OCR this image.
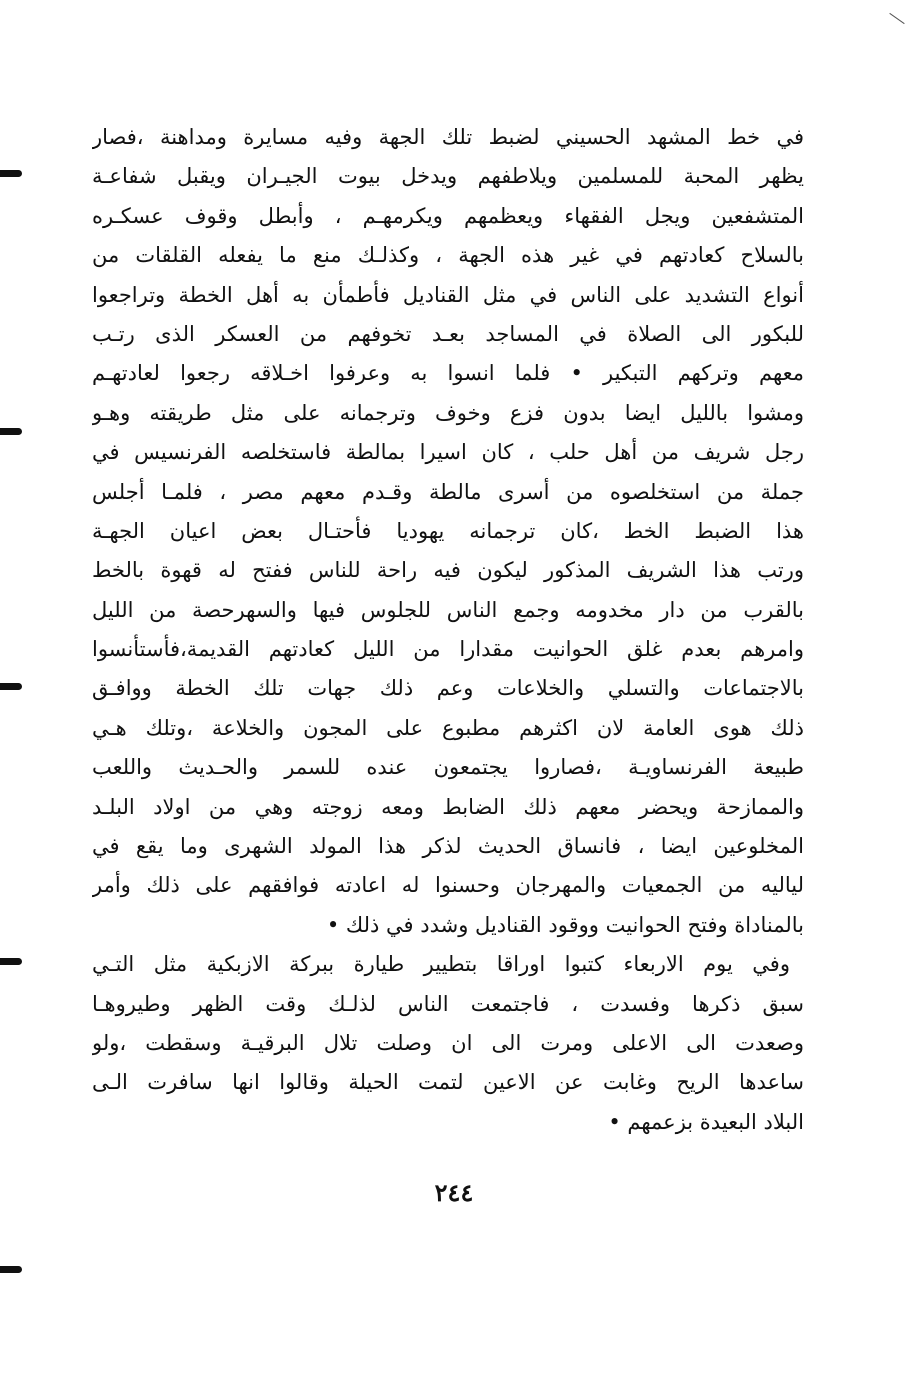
في خط المشهد الحسيني لضبط تلك الجهة وفيه مسايرة ومداهنة ،فصار
يظهر المحبة للمسلمين ويلاطفهم ويدخل بيوت الجيـران ويقبل شفاعـة
المتشفعين ويجل الفقهاء ويعظمهم ويكرمهـم ، وأبطل وقوف عسكـره
بالسلاح كعادتهم في غير هذه الجهة ، وكذلـك منع ما يفعله القلقات من
أنواع التشديد على الناس في مثل القناديل فأطمأن به أهل الخطة وتراجعوا
للبكور الى الصلاة في المساجد بعـد تخوفهم من العسكر الذى رتـب
معهم وتركهم التبكير • فلما انسوا به وعرفوا اخـلاقه رجعوا لعادتهـم
ومشوا بالليل ايضا بدون فزع وخوف وترجمانه على مثل طريقته وهـو
رجل شريف من أهل حلب ، كان اسيرا بمالطة فاستخلصه الفرنسيس في
جملة من استخلصوه من أسرى مالطة وقـدم معهم مصر ، فلمـا أجلس
هذا الضبط الخط ،كان ترجمانه يهوديا فأحتـال بعض اعيان الجهـة
ورتب هذا الشريف المذكور ليكون فيه راحة للناس ففتح له قهوة بالخط
بالقرب من دار مخدومه وجمع الناس للجلوس فيها والسهرحصة من الليل
وامرهم بعدم غلق الحوانيت مقدارا من الليل كعادتهم القديمة،فأستأنسوا
بالاجتماعات والتسلي والخلاعات وعم ذلك جهات تلك الخطة ووافـق
ذلك هوى العامة لان اكثرهم مطبوع على المجون والخلاعة ،وتلك هـي
طبيعة الفرنساويـة ،فصاروا يجتمعون عنده للسمر والحـديث واللعب
والممازحة ويحضر معهم ذلك الضابط ومعه زوجته وهي من اولاد البلـد
المخلوعين ايضا ، فانساق الحديث لذكر هذا المولد الشهرى وما يقع في
لياليه من الجمعيات والمهرجان وحسنوا له اعادته فوافقهم على ذلك وأمر
بالمناداة وفتح الحوانيت ووقود القناديل وشدد في ذلك •
وفي يوم الاربعاء كتبوا اوراقا بتطيير طيارة ببركة الازبكية مثل التـي
سبق ذكرها وفسدت ، فاجتمعت الناس لذلـك وقت الظهر وطيروهـا
وصعدت الى الاعلى ومرت الى ان وصلت تلال البرقيـة وسقطت ،ولو
ساعدها الريح وغابت عن الاعين لتمت الحيلة وقالوا انها سافرت الـى
البلاد البعيدة بزعمهم •
٢٤٤
